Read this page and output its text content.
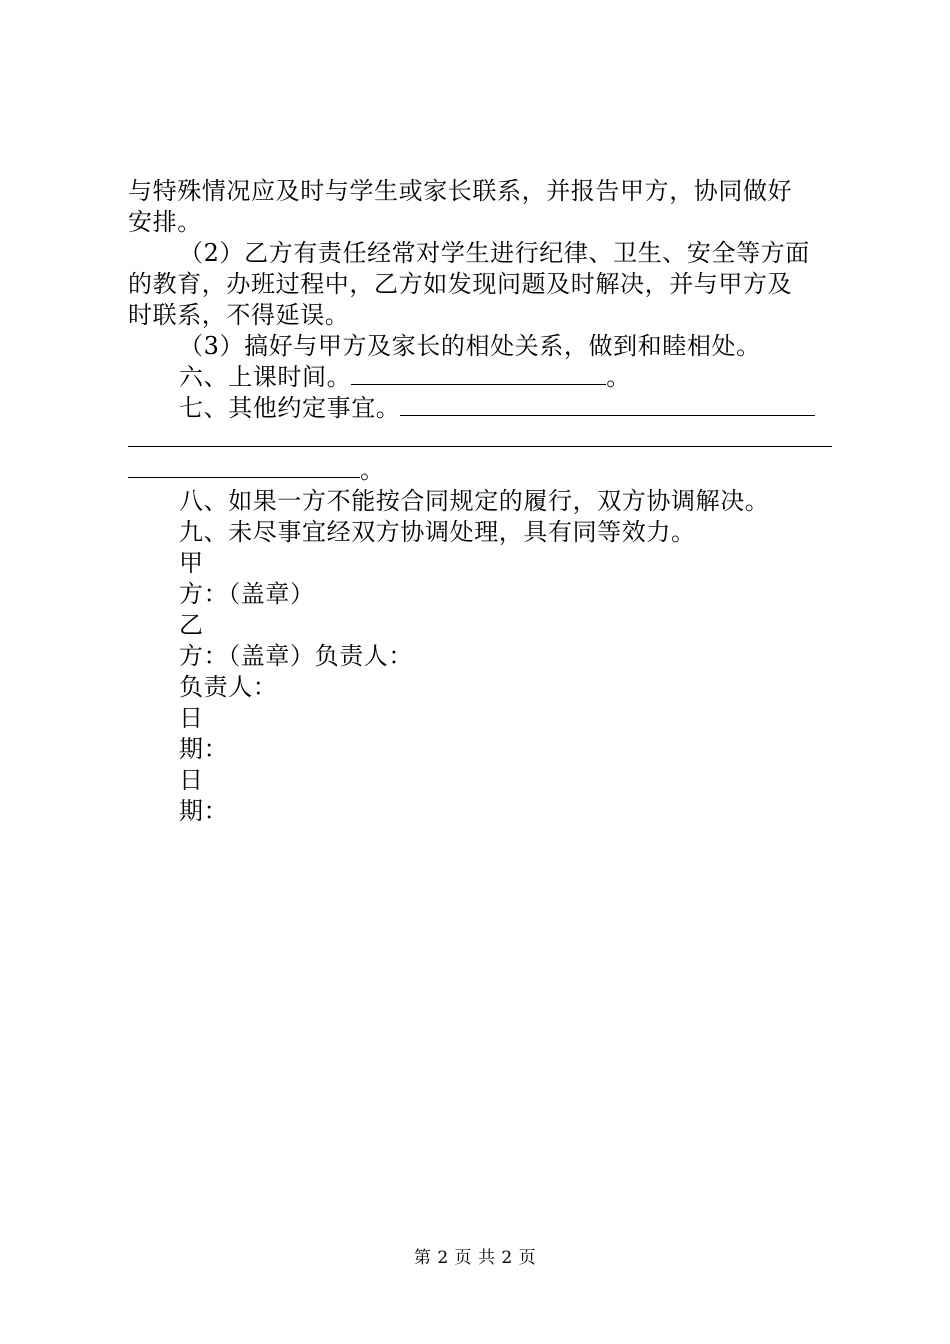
与特殊情况应及时与学生或家长联系，并报告甲方，协同做好
安排。
（2）乙方有责任经常对学生进行纪律、卫生、安全等方面
的教育，办班过程中，乙方如发现问题及时解决，并与甲方及
时联系，不得延误。
（3）搞好与甲方及家长的相处关系，做到和睦相处。
六、上课时间。	。
七、其他约定事宜。
。
八、如果一方不能按合同规定的履行，双方协调解决。
九、未尽事宜经双方协调处理，具有同等效力。
甲
方：（盖章）
乙
方：（盖章）负责人：
负责人：
日
期：
日
期：
第 2 页 共 2 页
